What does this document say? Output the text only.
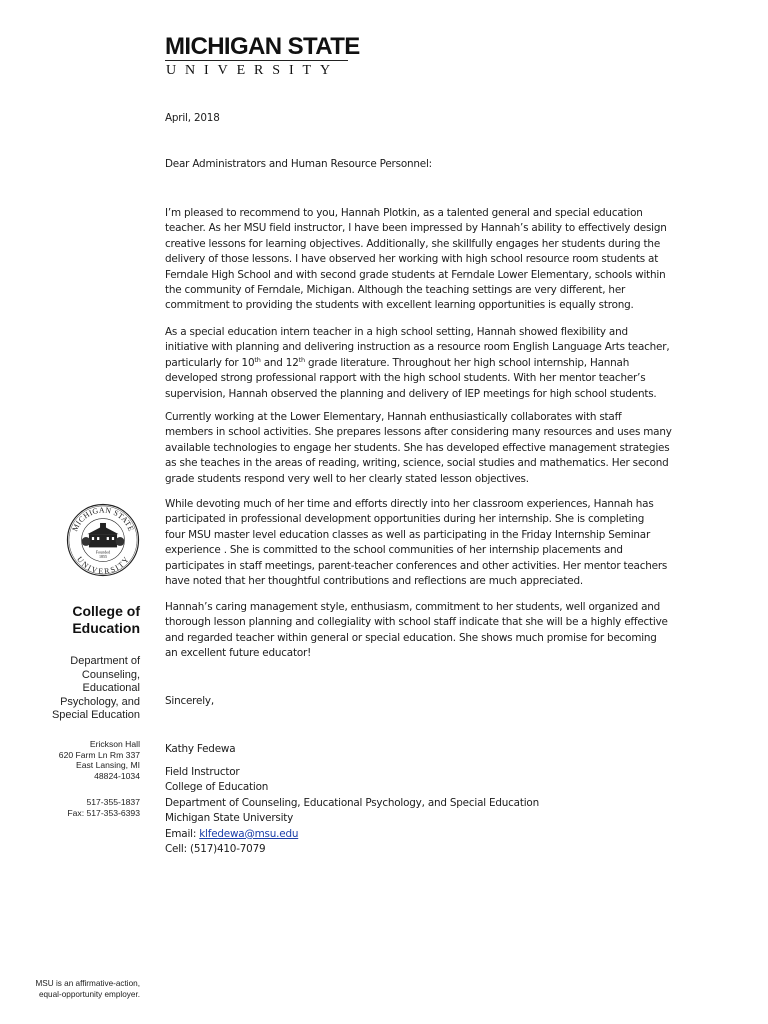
MICHIGAN STATE
UNIVERSITY
April, 2018
Dear Administrators and Human Resource Personnel:

I’m pleased to recommend to you, Hannah Plotkin, as a talented general and special education
teacher. As her MSU field instructor, I have been impressed by Hannah’s ability to effectively design
creative lessons for learning objectives. Additionally, she skillfully engages her students during the
delivery of those lessons. I have observed her working with high school resource room students at
Ferndale High School and with second grade students at Ferndale Lower Elementary, schools within
the community of Ferndale, Michigan. Although the teaching settings are very different, her
commitment to providing the students with excellent learning opportunities is equally strong.

As a special education intern teacher in a high school setting, Hannah showed flexibility and
initiative with planning and delivering instruction as a resource room English Language Arts teacher,
particularly for 10th and 12th grade literature. Throughout her high school internship, Hannah
developed strong professional rapport with the high school students. With her mentor teacher’s
supervision, Hannah observed the planning and delivery of IEP meetings for high school students.

Currently working at the Lower Elementary, Hannah enthusiastically collaborates with staff
members in school activities. She prepares lessons after considering many resources and uses many
available technologies to engage her students. She has developed effective management strategies
as she teaches in the areas of reading, writing, science, social studies and mathematics. Her second
grade students respond very well to her clearly stated lesson objectives.

While devoting much of her time and efforts directly into her classroom experiences, Hannah has
participated in professional development opportunities during her internship. She is completing
four MSU master level education classes as well as participating in the Friday Internship Seminar
experience . She is committed to the school communities of her internship placements and
participates in staff meetings, parent-teacher conferences and other activities. Her mentor teachers
have noted that her thoughtful contributions and reflections are much appreciated.

Hannah’s caring management style, enthusiasm, commitment to her students, well organized and
thorough lesson planning and collegiality with school staff indicate that she will be a highly effective
and regarded teacher within general or special education. She shows much promise for becoming
an excellent future educator!

Sincerely,
Kathy Fedewa
Field Instructor
College of Education
Department of Counseling, Educational Psychology, and Special Education
Michigan State University
Email: klfedewa@msu.edu
Cell: (517)410-7079
MICHIGAN STATE
UNIVERSITY
Founded
1855
College of
Education
Department of
Counseling,
Educational
Psychology, and
Special Education
Erickson Hall
620 Farm Ln Rm 337
East Lansing, MI
48824-1034
517-355-1837
Fax: 517-353-6393
MSU is an affirmative-action,
equal-opportunity employer.
